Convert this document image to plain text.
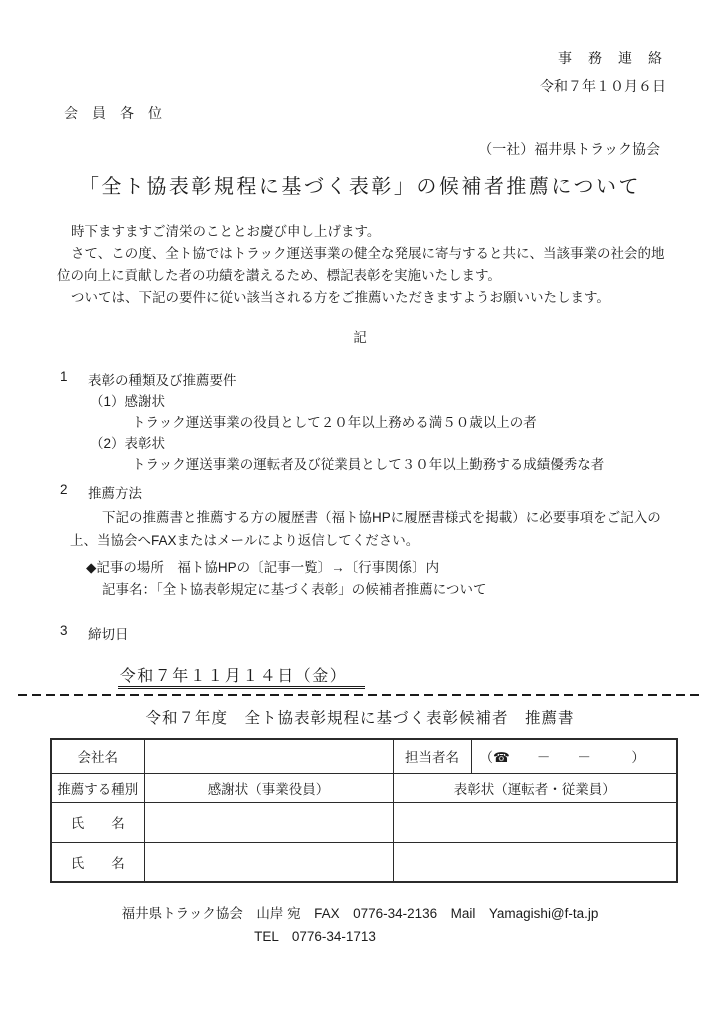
事　務　連　絡
令和７年１０月６日
会　員　各　位
（一社）福井県トラック協会
「全ト協表彰規程に基づく表彰」の候補者推薦について

時下ますますご清栄のこととお慶び申し上げます。

さて、この度、全ト協ではトラック運送事業の健全な発展に寄与すると共に、当該事業の社会的地位の向上に貢献した者の功績を讃えるため、標記表彰を実施いたします。

ついては、下記の要件に従い該当される方をご推薦いただきますようお願いいたします。

記
1 表彰の種類及び推薦要件
（1）感謝状
トラック運送事業の役員として２０年以上務める満５０歳以上の者
（2）表彰状
トラック運送事業の運転者及び従業員として３０年以上勤務する成績優秀な者
2 推薦方法

下記の推薦書と推薦する方の履歴書（福ト協HPに履歴書様式を掲載）に必要事項をご記入の上、当協会へFAXまたはメールにより返信してください。

◆記事の場所　福ト協HPの〔記事一覧〕→〔行事関係〕内
記事名：「全ト協表彰規定に基づく表彰」の候補者推薦について
3 締切日

令和７年１１月１４日（金）

令和７年度　全ト協表彰規程に基づく表彰候補者　推薦書
会社名		担当者名	（☎　　－　　－　　　）
推薦する種別	感謝状（事業役員）	表彰状（運転者・従業員）	
氏　　名			
氏　　名			
福井県トラック協会　山岸 宛　FAX　0776-34-2136　Mail　Yamagishi@f-ta.jp
TEL　0776-34-1713
